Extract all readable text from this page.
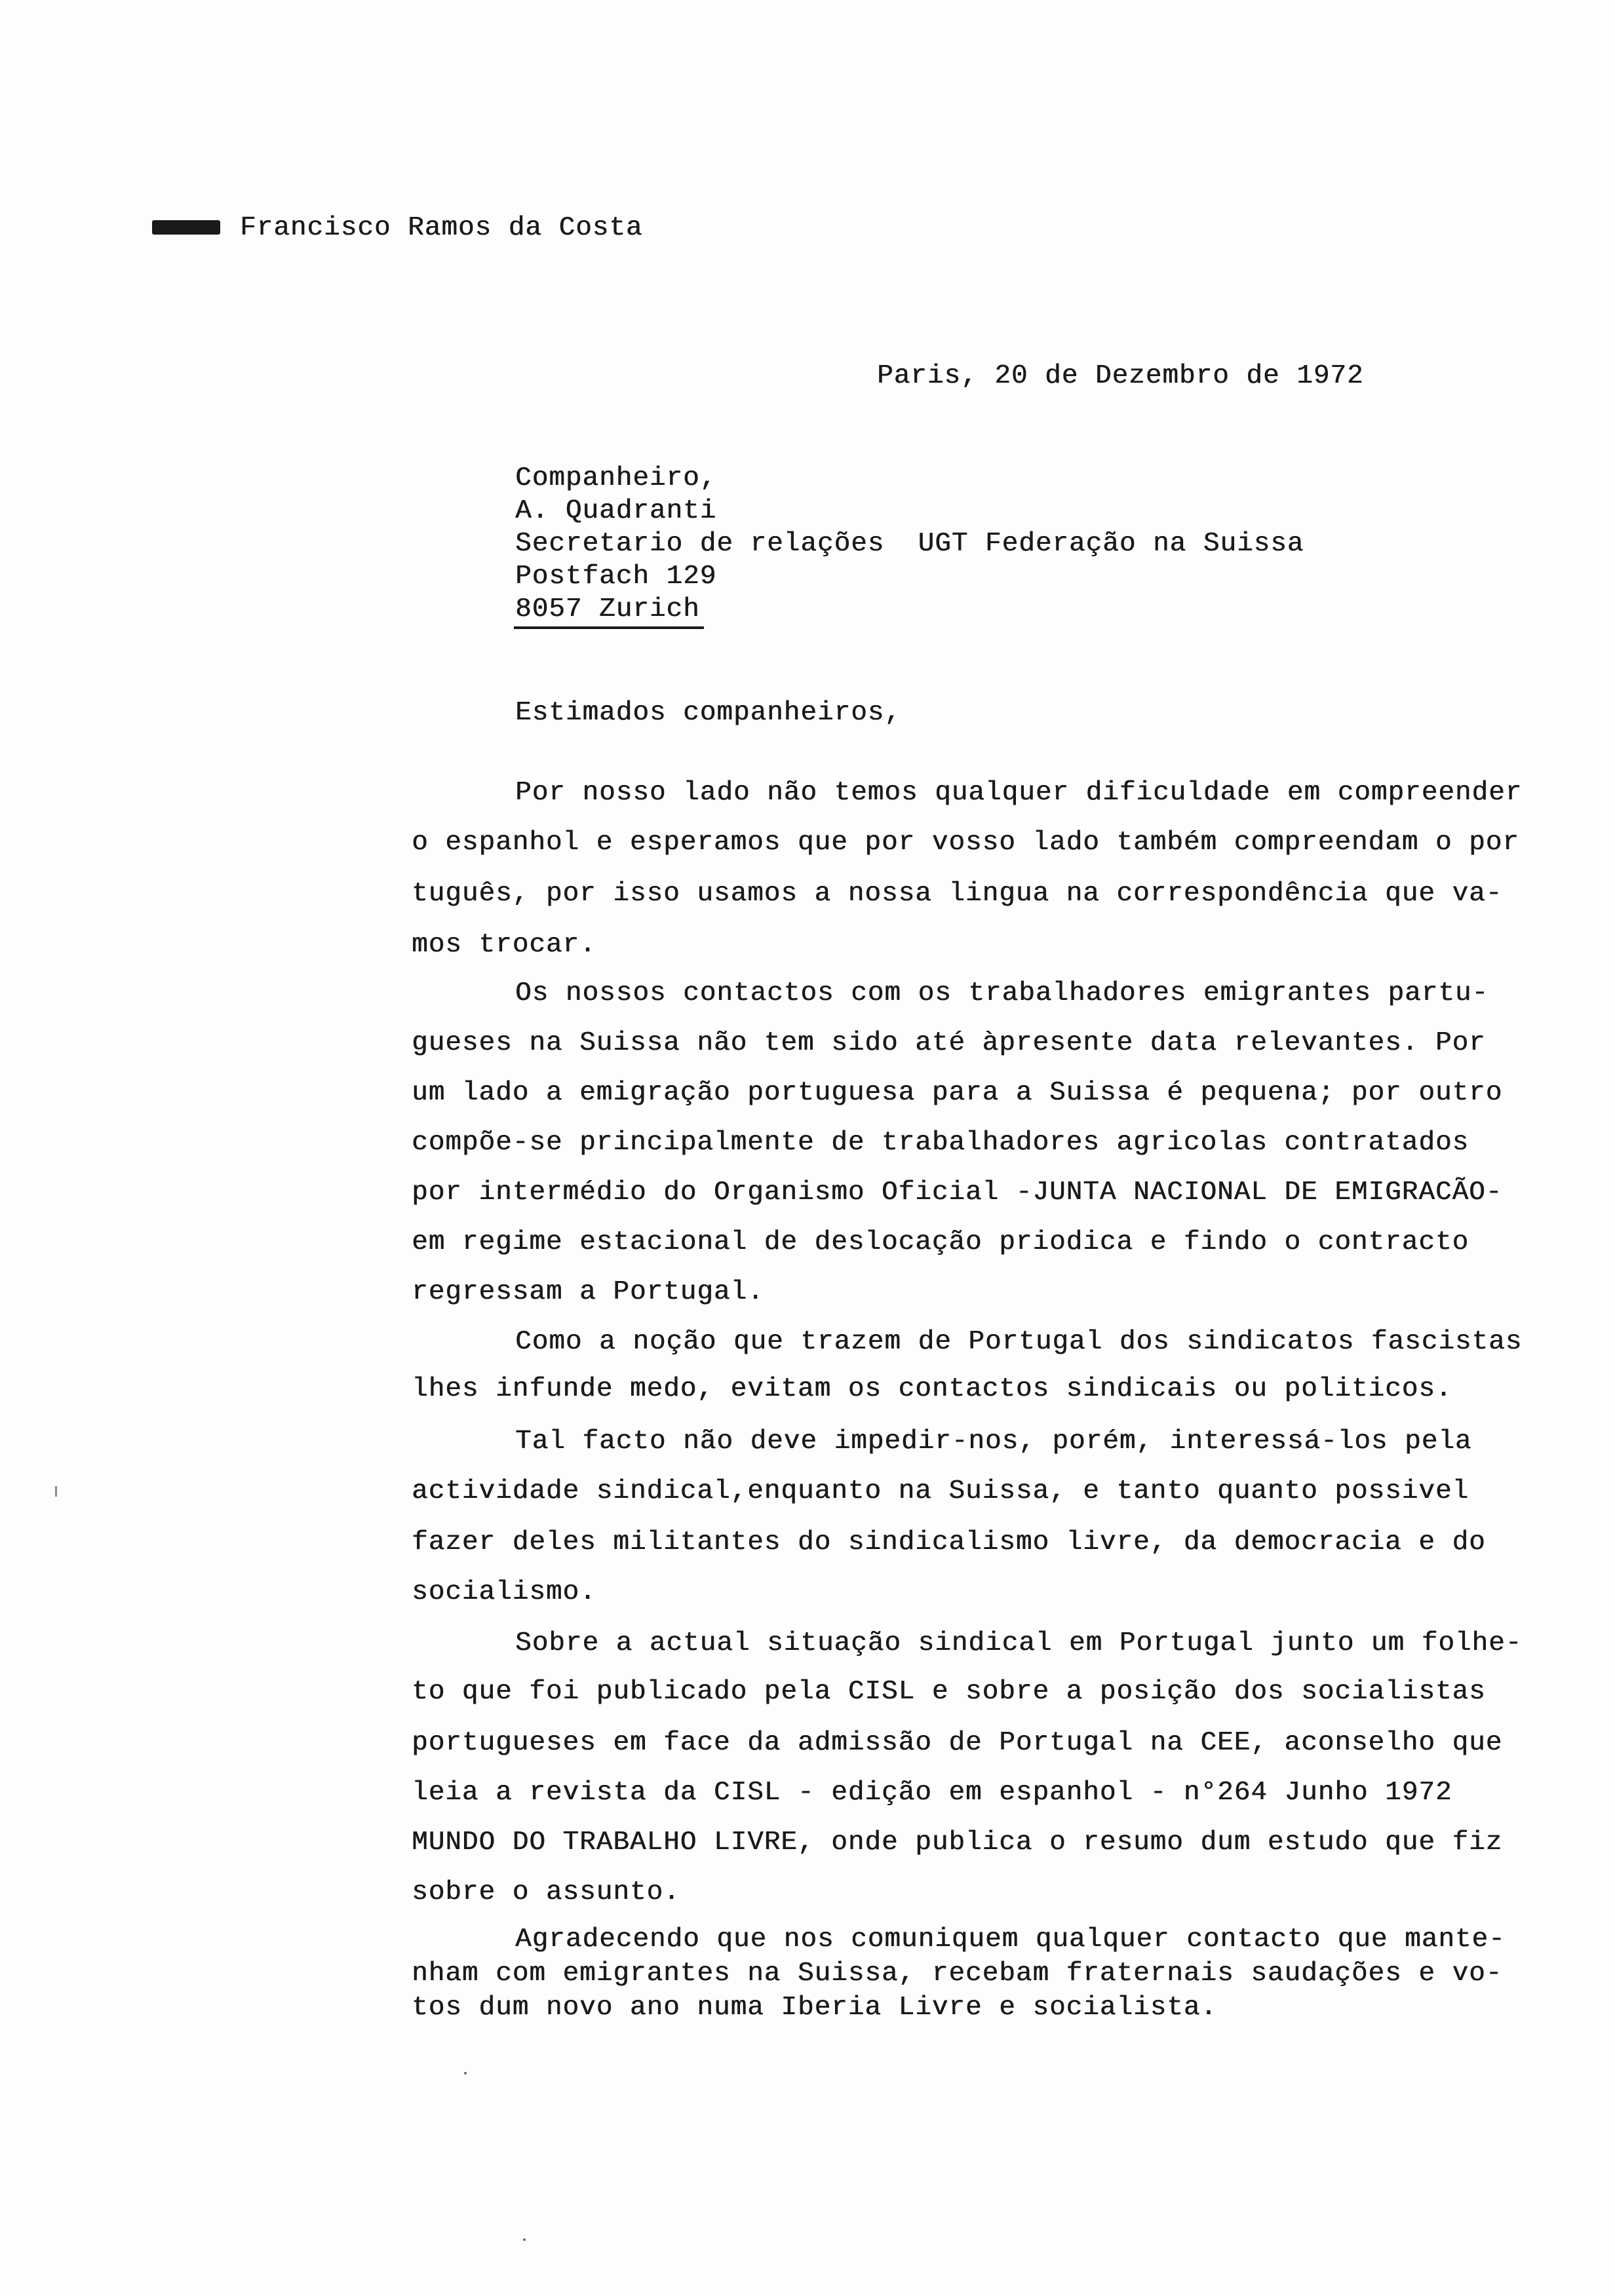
Francisco Ramos da Costa
Paris, 20 de Dezembro de 1972
Companheiro,
A. Quadranti
Secretario de relações  UGT Federação na Suissa
Postfach 129
8057 Zurich
Estimados companheiros,
Por nosso lado não temos qualquer dificuldade em compreender
o espanhol e esperamos que por vosso lado também compreendam o por
tuguês, por isso usamos a nossa lingua na correspondência que va-
mos trocar.
Os nossos contactos com os trabalhadores emigrantes partu-
gueses na Suissa não tem sido até àpresente data relevantes. Por
um lado a emigração portuguesa para a Suissa é pequena; por outro
compõe-se principalmente de trabalhadores agricolas contratados
por intermédio do Organismo Oficial -JUNTA NACIONAL DE EMIGRACÃO-
em regime estacional de deslocação priodica e findo o contracto
regressam a Portugal.
Como a noção que trazem de Portugal dos sindicatos fascistas
lhes infunde medo, evitam os contactos sindicais ou politicos.
Tal facto não deve impedir-nos, porém, interessá-los pela
actividade sindical,enquanto na Suissa, e tanto quanto possivel
fazer deles militantes do sindicalismo livre, da democracia e do
socialismo.
Sobre a actual situação sindical em Portugal junto um folhe-
to que foi publicado pela CISL e sobre a posição dos socialistas
portugueses em face da admissão de Portugal na CEE, aconselho que
leia a revista da CISL - edição em espanhol - n°264 Junho 1972
MUNDO DO TRABALHO LIVRE, onde publica o resumo dum estudo que fiz
sobre o assunto.
Agradecendo que nos comuniquem qualquer contacto que mante-
nham com emigrantes na Suissa, recebam fraternais saudações e vo-
tos dum novo ano numa Iberia Livre e socialista.
